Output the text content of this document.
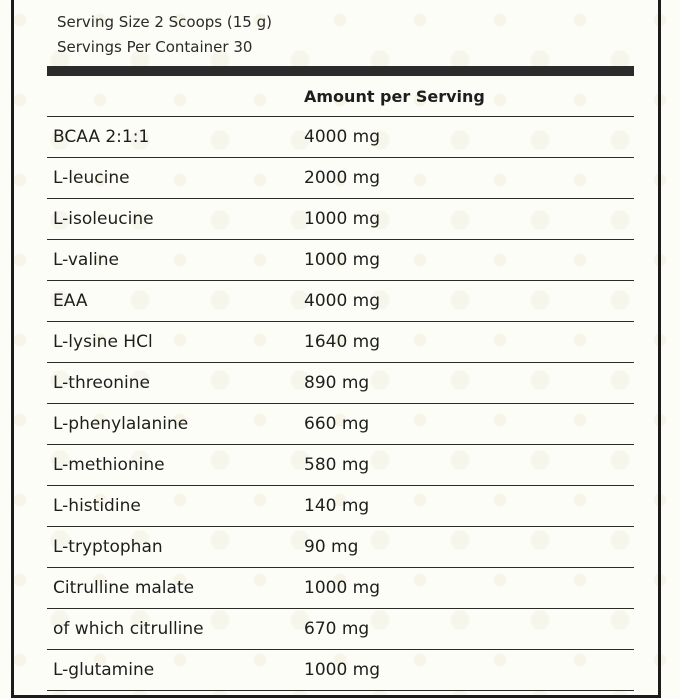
Serving Size 2 Scoops (15 g)
Servings Per Container 30
Amount per Serving
BCAA 2:1:1	4000 mg
L-leucine	2000 mg
L-isoleucine	1000 mg
L-valine	1000 mg
EAA	4000 mg
L-lysine HCl	1640 mg
L-threonine	890 mg
L-phenylalanine	660 mg
L-methionine	580 mg
L-histidine	140 mg
L-tryptophan	90 mg
Citrulline malate	1000 mg
of which citrulline	670 mg
L-glutamine	1000 mg
